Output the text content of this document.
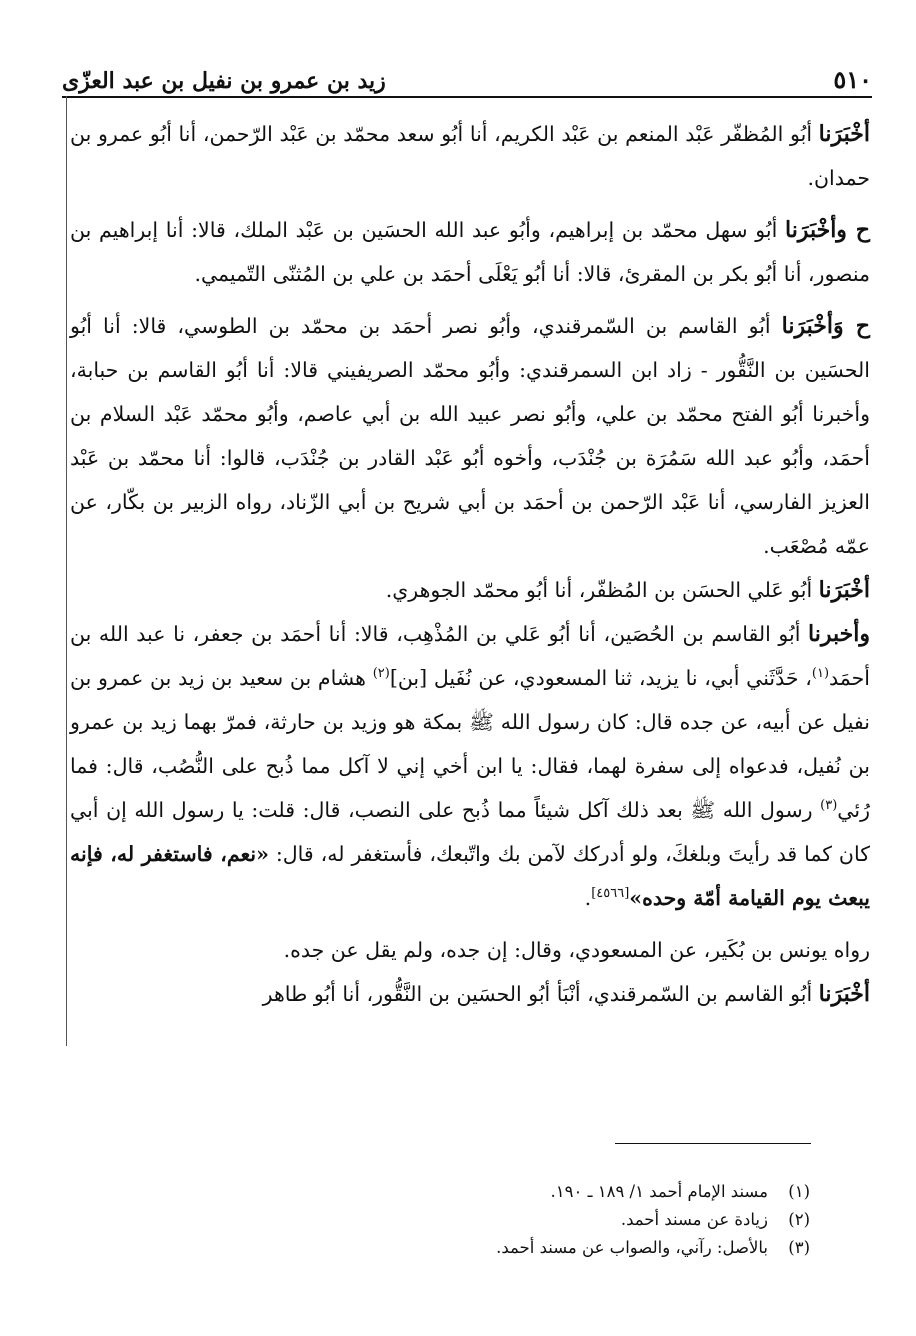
٥١٠
زيد بن عمرو بن نفيل بن عبد العزّى

أخْبَرَنا أبُو المُظفّر عَبْد المنعم بن عَبْد الكريم، أنا أبُو سعد محمّد بن عَبْد الرّحمن، أنا أبُو عمرو بن حمدان.

ح وأخْبَرَنا أبُو سهل محمّد بن إبراهيم، وأبُو عبد الله الحسَين بن عَبْد الملك، قالا: أنا إبراهيم بن منصور، أنا أبُو بكر بن المقرئ، قالا: أنا أبُو يَعْلَى أحمَد بن علي بن المُثنّى التّميمي.

ح وَأخْبَرَنا أبُو القاسم بن السّمرقندي، وأبُو نصر أحمَد بن محمّد بن الطوسي، قالا: أنا أبُو الحسَين بن النَّقُّور - زاد ابن السمرقندي: وأبُو محمّد الصريفيني قالا: أنا أبُو القاسم بن حبابة، وأخبرنا أبُو الفتح محمّد بن علي، وأبُو نصر عبيد الله بن أبي عاصم، وأبُو محمّد عَبْد السلام بن أحمَد، وأبُو عبد الله سَمُرَة بن جُنْدَب، وأخوه أبُو عَبْد القادر بن جُنْدَب، قالوا: أنا محمّد بن عَبْد العزيز الفارسي، أنا عَبْد الرّحمن بن أحمَد بن أبي شريح بن أبي الزّناد، رواه الزبير بن بكّار، عن عمّه مُصْعَب.

أخْبَرَنا أبُو عَلي الحسَن بن المُظفّر، أنا أبُو محمّد الجوهري.

وأخبرنا أبُو القاسم بن الحُصَين، أنا أبُو عَلي بن المُذْهِب، قالا: أنا أحمَد بن جعفر، نا عبد الله بن أحمَد$^{(١)}$، حَدَّثَني أبي، نا يزيد، ثنا المسعودي، عن نُفَيل [بن]$^{(٢)}$ هشام بن سعيد بن زيد بن عمرو بن نفيل عن أبيه، عن جده قال: كان رسول الله ﷺ بمكة هو وزيد بن حارثة، فمرّ بهما زيد بن عمرو بن نُفيل، فدعواه إلى سفرة لهما، فقال: يا ابن أخي إني لا آكل مما ذُبح على النُّصُب، قال: فما رُئي$^{(٣)}$ رسول الله ﷺ بعد ذلك آكل شيئاً مما ذُبح على النصب، قال: قلت: يا رسول الله إن أبي كان كما قد رأيتَ وبلغكَ، ولو أدركك لآمن بك واتّبعك، فأستغفر له، قال: «نعم، فاستغفر له، فإنه يبعث يوم القيامة أمّة وحده»[٤٥٦٦].

رواه يونس بن بُكَير، عن المسعودي، وقال: إن جده، ولم يقل عن جده.

أخْبَرَنا أبُو القاسم بن السّمرقندي، أنْبَأ أبُو الحسَين بن النَّقُّور، أنا أبُو طاهر

(١)
مسند الإمام أحمد ١/ ١٨٩ ـ ١٩٠.
(٢)
زيادة عن مسند أحمد.
(٣)
بالأصل: رآني، والصواب عن مسند أحمد.
